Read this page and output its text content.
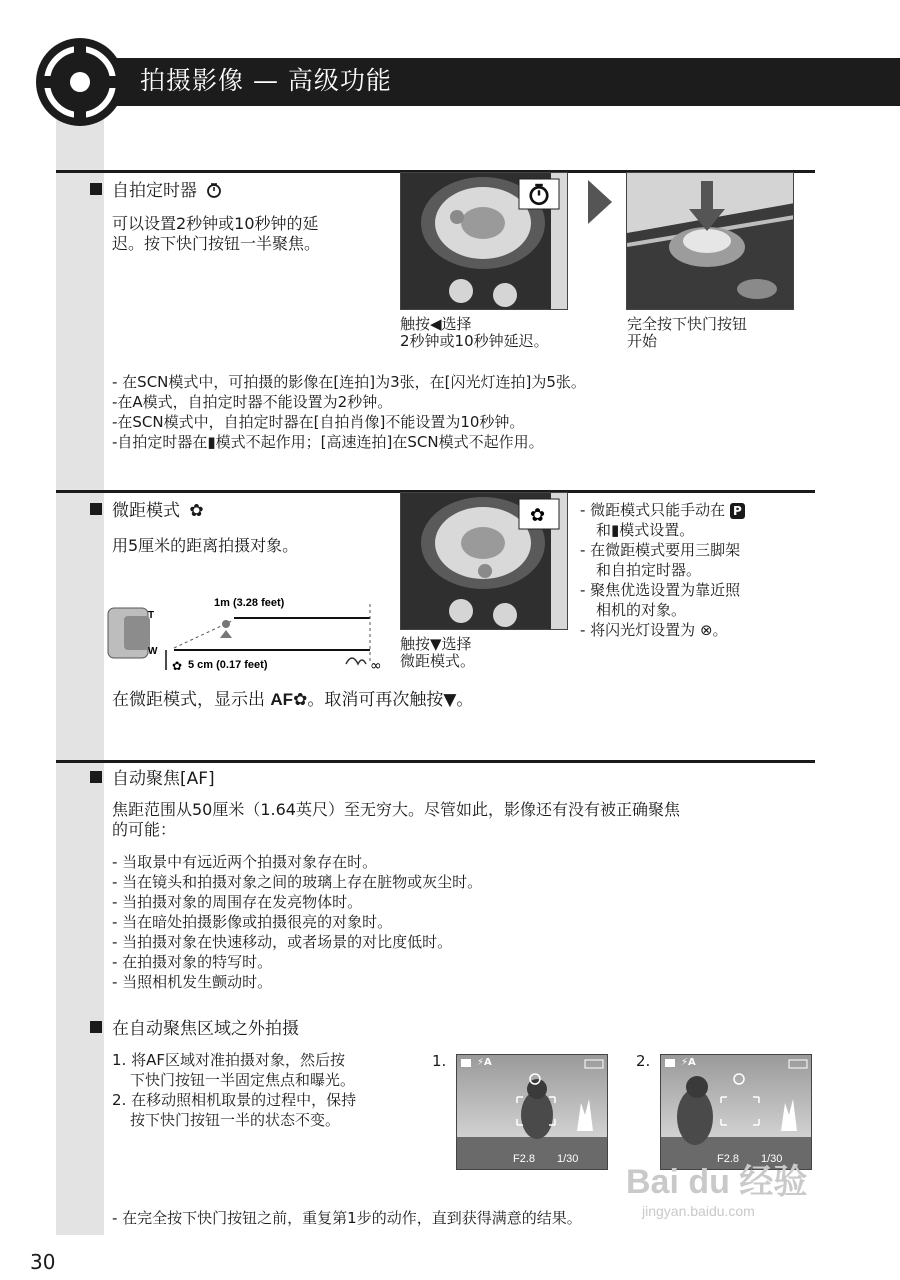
拍摄影像 — 高级功能
自拍定时器
可以设置2秒钟或10秒钟的延
迟。按下快门按钮一半聚焦。
触按◀选择
2秒钟或10秒钟延迟。
完全按下快门按钮
开始
- 在SCN模式中，可拍摄的影像在[连拍]为3张，在[闪光灯连拍]为5张。
-在A模式，自拍定时器不能设置为2秒钟。
-在SCN模式中，自拍定时器在[自拍肖像]不能设置为10秒钟。
-自拍定时器在▮模式不起作用；[高速连拍]在SCN模式不起作用。
微距模式 ✿
用5厘米的距离拍摄对象。
T
W
1m (3.28 feet)
5 cm (0.17 feet)
✿	∞
✿
触按▼选择
微距模式。
- 微距模式只能手动在 P
和▮模式设置。
- 在微距模式要用三脚架
和自拍定时器。
- 聚焦优选设置为靠近照
相机的对象。
- 将闪光灯设置为 ⊗。
在微距模式，显示出 AF✿。取消可再次触按▼。
自动聚焦[AF]
焦距范围从50厘米（1.64英尺）至无穷大。尽管如此，影像还有没有被正确聚焦
的可能：
- 当取景中有远近两个拍摄对象存在时。
- 当在镜头和拍摄对象之间的玻璃上存在脏物或灰尘时。
- 当拍摄对象的周围存在发亮物体时。
- 当在暗处拍摄影像或拍摄很亮的对象时。
- 当拍摄对象在快速移动，或者场景的对比度低时。
- 在拍摄对象的特写时。
- 当照相机发生颤动时。
在自动聚焦区域之外拍摄
1. 将AF区域对准拍摄对象，然后按
下快门按钮一半固定焦点和曝光。
2. 在移动照相机取景的过程中，保持
按下快门按钮一半的状态不变。
1.	⚡A
F2.8 1/30
2.	⚡A
F2.8 1/30
- 在完全按下快门按钮之前，重复第1步的动作，直到获得满意的结果。
30
Bai du 经验
jingyan.baidu.com
